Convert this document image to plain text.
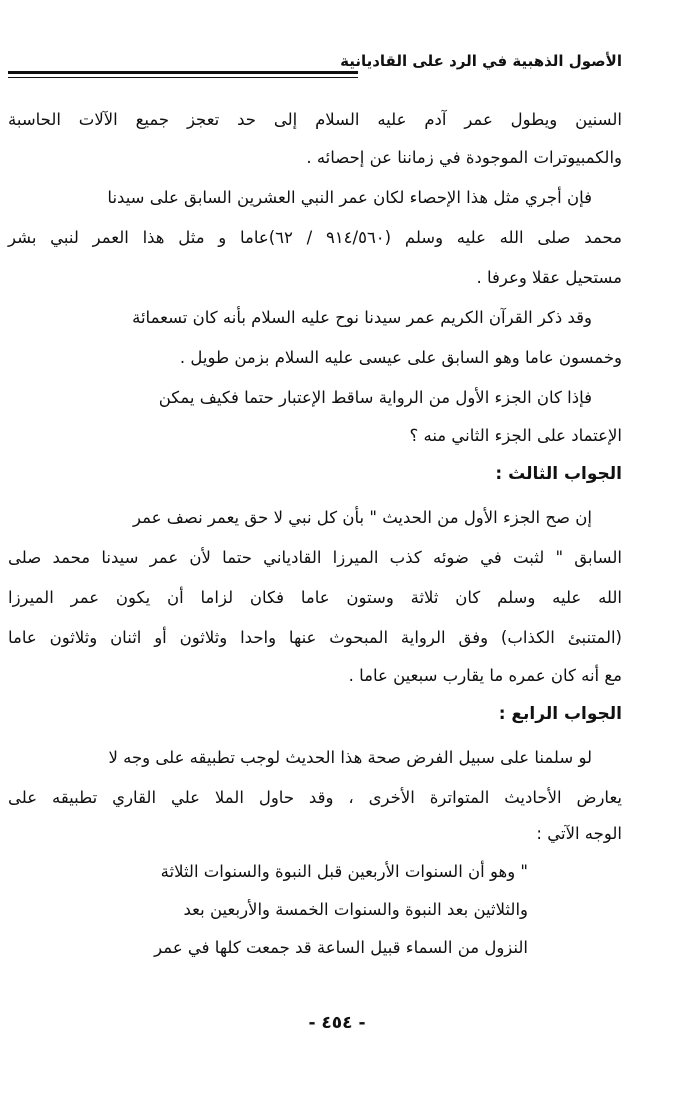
الأصول الذهبية في الرد على القاديانية
السنين ويطول عمر آدم عليه السلام إلى حد تعجز جميع الآلات الحاسبة
والكمبيوترات الموجودة في زماننا عن إحصائه .
فإن أجري مثل هذا الإحصاء لكان عمر النبي العشرين السابق على سيدنا
محمد صلى الله عليه وسلم (٩١٤/٥٦٠ / ٦٢)عاما و مثل هذا العمر لنبي بشر
مستحيل عقلا وعرفا .
وقد ذكر القرآن الكريم عمر سيدنا نوح عليه السلام بأنه كان تسعمائة
وخمسون عاما وهو السابق على عيسى عليه السلام بزمن طويل .
فإذا كان الجزء الأول من الرواية ساقط الإعتبار حتما فكيف يمكن
الإعتماد على الجزء الثاني منه ؟
الجواب الثالث :
إن صح الجزء الأول من الحديث " بأن كل نبي لا حق يعمر نصف عمر
السابق " لثبت في ضوئه كذب الميرزا القادياني حتما لأن عمر سيدنا محمد صلى
الله عليه وسلم كان ثلاثة وستون عاما فكان لزاما أن يكون عمر الميرزا
(المتنبئ الكذاب) وفق الرواية المبحوث عنها واحدا وثلاثون أو اثنان وثلاثون عاما
مع أنه كان عمره ما يقارب سبعين عاما .
الجواب الرابع :
لو سلمنا على سبيل الفرض صحة هذا الحديث لوجب تطبيقه على وجه لا
يعارض الأحاديث المتواترة الأخرى ، وقد حاول الملا علي القاري تطبيقه على
الوجه الآتي :
" وهو أن السنوات الأربعين قبل النبوة والسنوات الثلاثة
والثلاثين بعد النبوة والسنوات الخمسة والأربعين بعد
النزول من السماء قبيل الساعة قد جمعت كلها في عمر
- ٤٥٤ -
